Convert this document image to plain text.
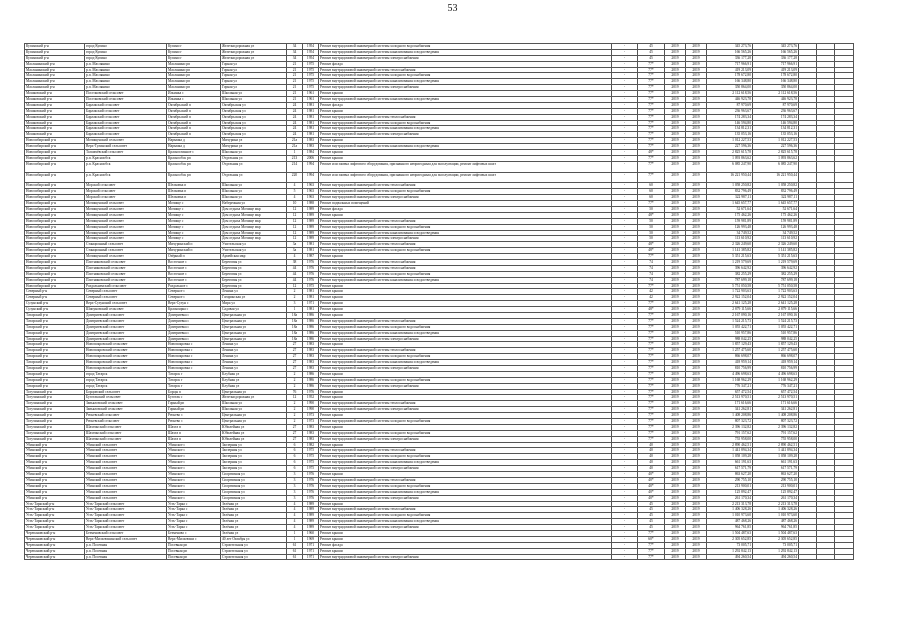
53
Купинский р-н	город Купино	Купино г	Железнодорожная ул	34	1954	Ремонт внутридомовой инженерной системы холодного водоснабжения	-	45	2019	2019	345 273,76	345 273,76			
Купинский р-н	город Купино	Купино г	Железнодорожная ул	34	1954	Ремонт внутридомовой инженерной системы канализования и водоотведения	-	45	2019	2019	166 565,26	166 565,26			
Купинский р-н	город Купино	Купино г	Железнодорожная ул	34	1954	Ремонт внутридомовой инженерной системы электроснабжения	-	45	2019	2019	336 177,28	336 177,28			
Маслянинский р-н	р.п. Маслянино	Маслянино рп	Горная ул	21	1975	Ремонт фасада	-	77*	2019	2019	717 966,91	717 966,91			
Маслянинский р-н	р.п. Маслянино	Маслянино рп	Горная ул	21	1975	Ремонт внутридомовой инженерной системы теплоснабжения	-	77*	2019	2019	419 213,09	419 213,09			
Маслянинский р-н	р.п. Маслянино	Маслянино рп	Горная ул	21	1975	Ремонт внутридомовой инженерной системы холодного водоснабжения	-	77*	2019	2019	178 672,80	178 672,80			
Маслянинский р-н	р.п. Маслянино	Маслянино рп	Горная ул	21	1975	Ремонт внутридомовой инженерной системы канализования и водоотведения	-	77*	2019	2019	166 348,80	166 348,80			
Маслянинский р-н	р.п. Маслянино	Маслянино рп	Горная ул	21	1975	Ремонт внутридомовой инженерной системы электроснабжения	-	77*	2019	2019	350 864,00	350 864,00			
Мошковский р-н	Поселковский сельсовет	Ильинка с	Школьная ул	21	1961	Ремонт крыши	-	77*	2019	2019	2 112 618,56	2 112 618,56			
Мошковский р-н	Поселковский сельсовет	Ильинка с	Школьная ул	21	1961	Ремонт внутридомовой инженерной системы канализования и водоотведения	-	77*	2019	2019	446 923,78	446 923,78			
Мошковский р-н	Барлакский сельсовет	Октябрьский п	Октябрьская ул	24	1981	Ремонт фасада	-	77*	2019	2019	87 970,69	87 970,69			
Мошковский р-н	Барлакский сельсовет	Октябрьский п	Октябрьская ул	24	1981	Ремонт крыши	-	77*	2019	2019	236 963,67	236 963,67			
Мошковский р-н	Барлакский сельсовет	Октябрьский п	Октябрьская ул	24	1981	Ремонт внутридомовой инженерной системы теплоснабжения	-	77*	2019	2019	174 283,34	174 283,34			
Мошковский р-н	Барлакский сельсовет	Октябрьский п	Октябрьская ул	24	1981	Ремонт внутридомовой инженерной системы холодного водоснабжения	-	77*	2019	2019	146 594,80	146 594,80			
Мошковский р-н	Барлакский сельсовет	Октябрьский п	Октябрьская ул	24	1981	Ремонт внутридомовой инженерной системы канализования и водоотведения	-	77*	2019	2019	134 812,31	134 812,31			
Мошковский р-н	Барлакский сельсовет	Октябрьский п	Октябрьская ул	24	1981	Ремонт внутридомовой инженерной системы электроснабжения	-	77*	2019	2019	135 053,16	135 053,16			
Новосибирский р-н	Мочищенский сельсовет	Нарымка д	Мичурина ул	21а	1983	Ремонт крыши	-	77*	2019	2019	1 012 227,53	1 012 227,53			
Новосибирский р-н	Верх-Тулинский сельсовет	Нарымка д	Мичурина ул	21а	1983	Ремонт внутридомовой инженерной системы канализования и водоотведения	-	77*	2019	2019	227 596,36	227 596,36			
Новосибирский р-н	Толмачёвский сельсовет	Красноглинное с	Школьная ул	1	1984	Ремонт крыши	-	48*	2019	2019	2 825 615,78	2 825 615,78			
Новосибирский р-н	р.п. Краснообск	Краснообск рп	Отдельная ул	213	2006	Ремонт крыши	-	77*	2019	2019	1 093 863,62	1 093 863,62			
Новосибирский р-н	р.п. Краснообск	Краснообск рп	Отдельная ул	214	1994	Ремонт или замена лифтового оборудования, признанного непригодным для эксплуатации, ремонт лифтовых шахт	-	77*	2019	2019	6 085 247,90	6 085 247,90			
Новосибирский р-н	р.п. Краснообск	Краснообск рп	Отдельная ул	220	1994	Ремонт или замена лифтового оборудования, признанного непригодным для эксплуатации, ремонт лифтовых шахт	-	77*	2019	2019	16 221 950,44	16 221 950,44			
Новосибирский р-н	Морской сельсовет	Шелковка п	Школьная ул	4	1963	Ремонт внутридомовой инженерной системы теплоснабжения	-	60	2019	2019	1 058 250,82	1 058 250,82			
Новосибирский р-н	Морской сельсовет	Шелковка п	Школьная ул	5	1963	Ремонт внутридомовой инженерной системы холодного водоснабжения	-	60	2019	2019	832 796,49	832 796,49			
Новосибирский р-н	Морской сельсовет	Шелковка п	Школьная ул	4	1963	Ремонт внутридомовой инженерной системы электроснабжения	-	60	2019	2019	322 987,11	322 987,11			
Новосибирский р-н	Мочищенский сельсовет	Мочище с	Набережная ул	10	1988	Ремонт подвальных помещений	-	77*	2019	2019	1 645 657,77	1 645 657,77			
Новосибирский р-н	Мочищенский сельсовет	Мочище с	Дом отдыха Мочище мкр	12	1989	Ремонт фасада	-	50	2019	2019	52 671,64	52 671,64			
Новосибирский р-н	Мочищенский сельсовет	Мочище с	Дом отдыха Мочище мкр	12	1989	Ремонт крыши	-	48*	2019	2019	175 462,26	175 462,26			
Новосибирский р-н	Мочищенский сельсовет	Мочище с	Дом отдыха Мочище мкр	12	1989	Ремонт внутридомовой инженерной системы теплоснабжения	-	50	2019	2019	159 981,89	159 981,89			
Новосибирский р-н	Мочищенский сельсовет	Мочище с	Дом отдыха Мочище мкр	12	1989	Ремонт внутридомовой инженерной системы холодного водоснабжения	-	50	2019	2019	126 993,48	126 993,48			
Новосибирский р-н	Мочищенский сельсовет	Мочище с	Дом отдыха Мочище мкр	12	1989	Ремонт внутридомовой инженерной системы канализования и водоотведения	-	50	2019	2019	34 749,52	34 749,52			
Новосибирский р-н	Мочищенский сельсовет	Мочище с	Дом отдыха Мочище мкр	12	1989	Ремонт внутридомовой инженерной системы электроснабжения	-	50	2019	2019	113 610,92	113 610,92			
Новосибирский р-н	Станционный сельсовет	Мичуринский п	Учительская ул	3а	1981	Ремонт внутридомовой инженерной системы теплоснабжения	-	48*	2019	2019	2 326 249,60	2 326 249,60			
Новосибирский р-н	Станционный сельсовет	Мичуринский п	Учительская ул	3а	1981	Ремонт внутридомовой инженерной системы холодного водоснабжения	-	48*	2019	2019	1 141 385,82	1 141 385,82			
Новосибирский р-н	Мочищенский сельсовет	Озёрный п	Армейская мкр	4	1987	Ремонт крыши	-	77*	2019	2019	5 351 215,63	5 351 215,63			
Новосибирский р-н	Плотниковский сельсовет	Восточное с	Береговая ул	38	1976	Ремонт внутридомовой инженерной системы теплоснабжения	-	74	2019	2019	1 219 579,69	1 219 579,69			
Новосибирский р-н	Плотниковский сельсовет	Восточное с	Береговая ул	44	1976	Ремонт внутридомовой инженерной системы теплоснабжения	-	74	2019	2019	396 642,92	396 642,92			
Новосибирский р-н	Плотниковский сельсовет	Восточное с	Береговая ул	44	1976	Ремонт внутридомовой инженерной системы холодного водоснабжения	-	74	2019	2019	382 255,29	382 255,29			
Новосибирский р-н	Плотниковский сельсовет	Восточное с	Береговая ул	44	1976	Ремонт внутридомовой инженерной системы канализования и водоотведения	-	74	2019	2019	787 699,18	787 699,18			
Новосибирский р-н	Раздольненский сельсовет	Раздольное с	Береговая ул	12	1975	Ремонт крыши	-	77*	2019	2019	5 751 050,58	5 751 050,58			
Северный р-н	Северный сельсовет	Северное с	Ленина ул	2	1981	Ремонт крыши	-	42	2019	2019	1 722 903,63	1 722 903,63			
Северный р-н	Северный сельсовет	Северное с	Гагаринская ул	2	1981	Ремонт крыши	-	42	2019	2019	2 922 152,04	2 922 152,04			
Сузунский р-н	Верх-Сузунский сельсовет	Верх-Сузун с	Мира ул	3	1971	Ремонт крыши	-	77*	2019	2019	2 641 125,28	2 641 125,28			
Сузунский р-н	Шипуновский сельсовет	Красноярка с	Садовая ул	1	1981	Ремонт крыши	-	48*	2019	2019	2 879 115,66	2 879 115,66			
Татарский р-н	Дмитриевский сельсовет	Дмитриевка с	Центральная ул	18а	1986	Ремонт крыши	-	77*	2019	2019	2 167 090,16	2 167 090,16			
Татарский р-н	Дмитриевский сельсовет	Дмитриевка с	Центральная ул	18а	1986	Ремонт внутридомовой инженерной системы теплоснабжения	-	77*	2019	2019	1 524 215,73	1 524 215,73			
Татарский р-н	Дмитриевский сельсовет	Дмитриевка с	Центральная ул	18а	1986	Ремонт внутридомовой инженерной системы холодного водоснабжения	-	77*	2019	2019	1 055 422,71	1 055 422,71			
Татарский р-н	Дмитриевский сельсовет	Дмитриевка с	Центральная ул	18а	1986	Ремонт внутридомовой инженерной системы канализования и водоотведения	-	77*	2019	2019	510 957,86	510 957,86			
Татарский р-н	Дмитриевский сельсовет	Дмитриевка с	Центральная ул	18а	1986	Ремонт внутридомовой инженерной системы электроснабжения	-	77*	2019	2019	988 042,25	988 042,25			
Татарский р-н	Новопокровский сельсовет	Новопокровка с	Ленина ул	27	1983	Ремонт крыши	-	77*	2019	2019	1 857 129,43	1 857 129,43			
Татарский р-н	Новопокровский сельсовет	Новопокровка с	Ленина ул	27	1983	Ремонт внутридомовой инженерной системы теплоснабжения	-	77*	2019	2019	1 257 475,60	1 257 475,60			
Татарский р-н	Новопокровский сельсовет	Новопокровка с	Ленина ул	27	1983	Ремонт внутридомовой инженерной системы холодного водоснабжения	-	77*	2019	2019	866 698,07	866 698,07			
Татарский р-н	Новопокровский сельсовет	Новопокровка с	Ленина ул	27	1983	Ремонт внутридомовой инженерной системы канализования и водоотведения	-	77*	2019	2019	418 959,14	418 959,14			
Татарский р-н	Новопокровский сельсовет	Новопокровка с	Ленина ул	27	1983	Ремонт внутридомовой инженерной системы электроснабжения	-	77*	2019	2019	810 756,99	810 756,99			
Татарский р-н	город Татарск	Татарск г	Клубная ул	2	1986	Ремонт крыши	-	77*	2019	2019	4 496 698,63	4 496 698,63			
Татарский р-н	город Татарск	Татарск г	Клубная ул	2	1986	Ремонт внутридомовой инженерной системы холодного водоснабжения	-	77*	2019	2019	1 168 962,29	1 168 962,29			
Татарский р-н	город Татарск	Татарск г	Клубная ул	2	1986	Ремонт внутридомовой инженерной системы электроснабжения	-	77*	2019	2019	776 347,21	776 347,21			
Тогучинский р-н	Борцовский сельсовет	Борцы п	Центральная ул	76	1976	Ремонт крыши	-	77*	2019	2019	657 472,54	657 472,54			
Тогучинский р-н	Буготакский сельсовет	Буготак с	Железнодорожная ул	12	1952	Ремонт крыши	-	77*	2019	2019	2 513 970,51	2 513 970,51			
Тогучинский р-н	Завьяловский сельсовет	Горный рп	Школьная ул	2	1990	Ремонт внутридомовой инженерной системы теплоснабжения	-	77*	2019	2019	171 616,66	171 616,66			
Тогучинский р-н	Завьяловский сельсовет	Горный рп	Школьная ул	2	1990	Ремонт внутридомовой инженерной системы электроснабжения	-	77*	2019	2019	341 262,81	341 262,81			
Тогучинский р-н	Репьевский сельсовет	Репьево с	Центральная ул	2	1973	Ремонт крыши	-	77*	2019	2019	1 408 208,86	1 408 208,86			
Тогучинский р-н	Репьевский сельсовет	Репьево с	Центральная ул	2	1973	Ремонт внутридомовой инженерной системы холодного водоснабжения	-	77*	2019	2019	807 323,72	807 323,72			
Тогучинский р-н	Шахтинский сельсовет	Шахта п	Юбилейная ул	27	1983	Ремонт крыши	-	77*	2019	2019	2 396 132,82	2 396 132,82			
Тогучинский р-н	Шахтинский сельсовет	Шахта п	Юбилейная ул	27	1983	Ремонт внутридомовой инженерной системы холодного водоснабжения	-	77*	2019	2019	791 157,62	791 157,62			
Тогучинский р-н	Шахтинский сельсовет	Шахта п	Юбилейная ул	27	1983	Ремонт внутридомовой инженерной системы электроснабжения	-	77*	2019	2019	755 958,00	755 958,00			
Убинский р-н	Убинский сельсовет	Убинское с	Заозерная ул	6	1982	Ремонт крыши	-	40	2019	2019	2 890 462,51	2 890 462,51			
Убинский р-н	Убинский сельсовет	Убинское с	Заозерная ул	6	1975	Ремонт внутридомовой инженерной системы теплоснабжения	-	40	2019	2019	1 441 894,34	1 441 894,34			
Убинский р-н	Убинский сельсовет	Убинское с	Заозерная ул	6	1975	Ремонт внутридомовой инженерной системы холодного водоснабжения	-	40	2019	2019	1 058 109,28	1 058 109,28			
Убинский р-н	Убинский сельсовет	Убинское с	Заозерная ул	6	1975	Ремонт внутридомовой инженерной системы канализования и водоотведения	-	40	2019	2019	661 191,63	661 191,63			
Убинский р-н	Убинский сельсовет	Убинское с	Заозерная ул	6	1975	Ремонт внутридомовой инженерной системы электроснабжения	-	40	2019	2019	617 571,79	617 571,79			
Убинский р-н	Убинский сельсовет	Убинское с	Спортивная ул	3	1976	Ремонт крыши	-	40*	2019	2019	863 627,20	863 627,20			
Убинский р-н	Убинский сельсовет	Убинское с	Спортивная ул	3	1976	Ремонт внутридомовой инженерной системы теплоснабжения	-	40*	2019	2019	290 755,10	290 755,10			
Убинский р-н	Убинский сельсовет	Убинское с	Спортивная ул	3	1976	Ремонт внутридомовой инженерной системы холодного водоснабжения	-	40*	2019	2019	213 900,01	213 900,01			
Убинский р-н	Убинский сельсовет	Убинское с	Спортивная ул	3	1976	Ремонт внутридомовой инженерной системы канализования и водоотведения	-	40*	2019	2019	125 892,47	125 892,47			
Убинский р-н	Убинский сельсовет	Убинское с	Спортивная ул	3	1976	Ремонт внутридомовой инженерной системы электроснабжения	-	40*	2019	2019	261 170,34	261 170,34			
Усть-Таркский р-н	Усть-Таркский сельсовет	Усть-Тарка с	Зелёная ул	4	1989	Ремонт крыши	-	45	2019	2019	2 213 313,78	2 213 313,78			
Усть-Таркский р-н	Усть-Таркский сельсовет	Усть-Тарка с	Зелёная ул	4	1989	Ремонт внутридомовой инженерной системы теплоснабжения	-	45	2019	2019	1 406 328,26	1 406 328,26			
Усть-Таркский р-н	Усть-Таркский сельсовет	Усть-Тарка с	Зелёная ул	4	1989	Ремонт внутридомовой инженерной системы холодного водоснабжения	-	45	2019	2019	1 010 973,60	1 010 973,60			
Усть-Таркский р-н	Усть-Таркский сельсовет	Усть-Тарка с	Зелёная ул	4	1989	Ремонт внутридомовой инженерной системы канализования и водоотведения	-	45	2019	2019	487 468,26	487 468,26			
Усть-Таркский р-н	Усть-Таркский сельсовет	Усть-Тарка с	Зелёная ул	4	1989	Ремонт внутридомовой инженерной системы электроснабжения	-	45	2019	2019	964 761,85	964 761,85			
Черепановский р-н	Безменовский сельсовет	Безменово с	Зелёная ул	1	1960	Ремонт крыши	-	77*	2019	2019	1 504 487,63	1 504 487,63			
Черепановский р-н	Верх-Мильтюшинский сельсовет	Верх-Мильтюши с	40 лет Октября ул	1	1969	Ремонт крыши	-	60*	2019	2019	2 305 652,85	2 305 652,85			
Черепановский р-н	р.п. Посевная	Посевная рп	Строительная ул	61	1971	Ремонт фасада	-	77*	2019	2019	73 005,71	73 005,71			
Черепановский р-н	р.п. Посевная	Посевная рп	Строительная ул	61	1971	Ремонт крыши	-	77*	2019	2019	1 292 842,13	1 292 842,13			
Черепановский р-н	р.п. Посевная	Посевная рп	Строительная ул	61	1971	Ремонт внутридомовой инженерной системы электроснабжения	-	77*	2019	2019	494 260,54	494 260,54			
